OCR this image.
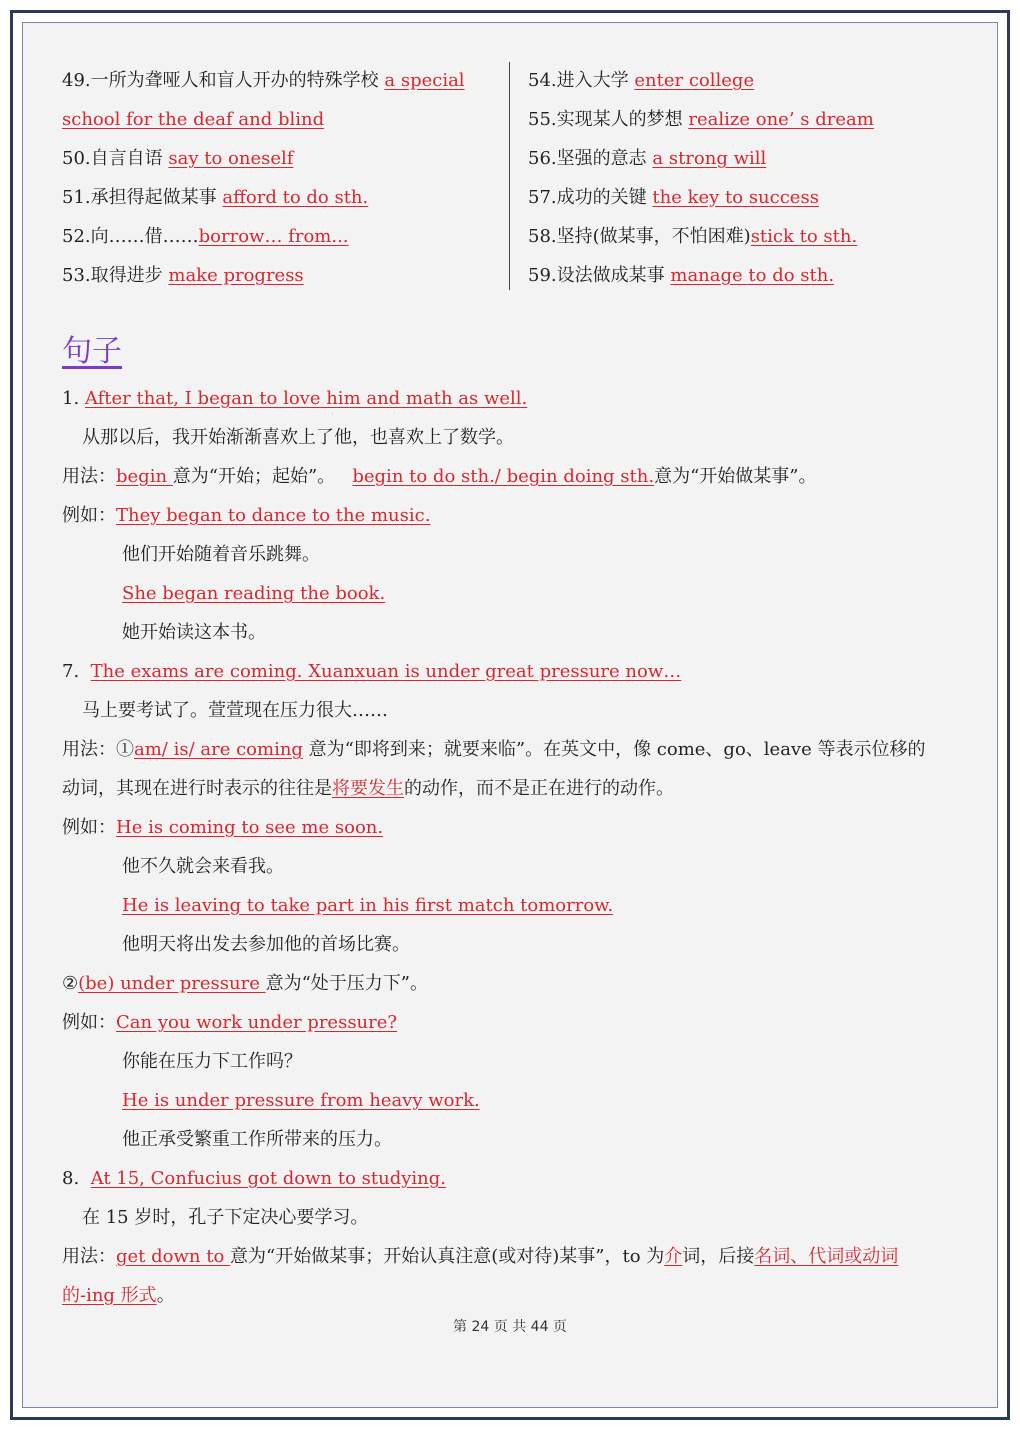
49.一所为聋哑人和盲人开办的特殊学校 a special
school for the deaf and blind
50.自言自语 say to oneself
51.承担得起做某事 afford to do sth.
52.向……借……borrow… from...
53.取得进步 make progress
54.进入大学 enter college
55.实现某人的梦想 realize one’ s dream
56.坚强的意志 a strong will
57.成功的关键 the key to success
58.坚持(做某事，不怕困难)stick to sth.
59.设法做成某事 manage to do sth.
句子
1. After that, I began to love him and math as well.
从那以后，我开始渐渐喜欢上了他，也喜欢上了数学。
用法：begin 意为“开始；起始”。 begin to do sth./ begin doing sth.意为“开始做某事”。
例如：They began to dance to the music.
他们开始随着音乐跳舞。
She began reading the book.
她开始读这本书。
7. The exams are coming. Xuanxuan is under great pressure now…
马上要考试了。萱萱现在压力很大……
用法：①am/ is/ are coming 意为“即将到来；就要来临”。在英文中，像 come、go、leave 等表示位移的
动词，其现在进行时表示的往往是将要发生的动作，而不是正在进行的动作。
例如：He is coming to see me soon.
他不久就会来看我。
He is leaving to take part in his first match tomorrow.
他明天将出发去参加他的首场比赛。
②(be) under pressure 意为“处于压力下”。
例如：Can you work under pressure?
你能在压力下工作吗？
He is under pressure from heavy work.
他正承受繁重工作所带来的压力。
8. At 15, Confucius got down to studying.
在 15 岁时，孔子下定决心要学习。
用法：get down to 意为“开始做某事；开始认真注意(或对待)某事”，to 为介词，后接名词、代词或动词
的-ing 形式。
第 24 页 共 44 页
